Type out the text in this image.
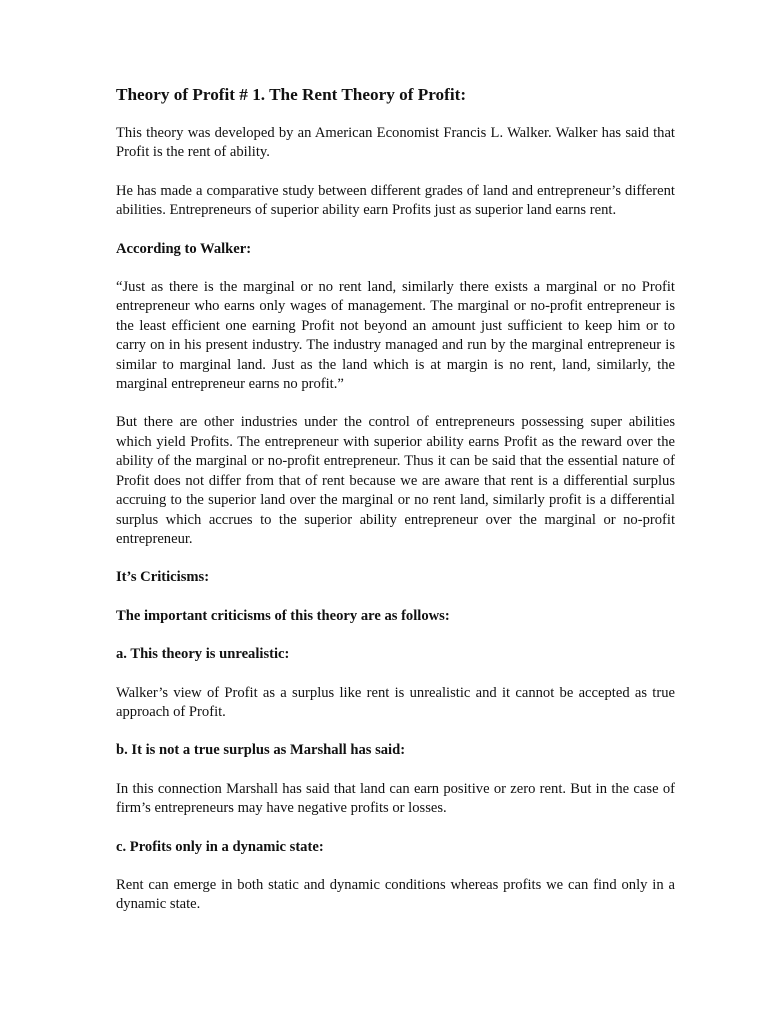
Theory of Profit # 1. The Rent Theory of Profit:

This theory was developed by an American Economist Francis L. Walker. Walker has said that Profit is the rent of ability.

He has made a comparative study between different grades of land and entrepreneur’s different abilities. Entrepreneurs of superior ability earn Profits just as superior land earns rent.

According to Walker:

“Just as there is the marginal or no rent land, similarly there exists a marginal or no Profit entrepreneur who earns only wages of management. The marginal or no-profit entrepreneur is the least efficient one earning Profit not beyond an amount just sufficient to keep him or to carry on in his present industry. The industry managed and run by the marginal entrepreneur is similar to marginal land. Just as the land which is at margin is no rent, land, similarly, the marginal entrepreneur earns no profit.”

But there are other industries under the control of entrepreneurs possessing super abilities which yield Profits. The entrepreneur with superior ability earns Profit as the reward over the ability of the marginal or no-profit entrepreneur. Thus it can be said that the essential nature of Profit does not differ from that of rent because we are aware that rent is a differential surplus accruing to the superior land over the marginal or no rent land, similarly profit is a differential surplus which accrues to the superior ability entrepreneur over the marginal or no-profit entrepreneur.

It’s Criticisms:
The important criticisms of this theory are as follows:
a. This theory is unrealistic:

Walker’s view of Profit as a surplus like rent is unrealistic and it cannot be accepted as true approach of Profit.

b. It is not a true surplus as Marshall has said:

In this connection Marshall has said that land can earn positive or zero rent. But in the case of firm’s entrepreneurs may have negative profits or losses.

c. Profits only in a dynamic state:

Rent can emerge in both static and dynamic conditions whereas profits we can find only in a dynamic state.
